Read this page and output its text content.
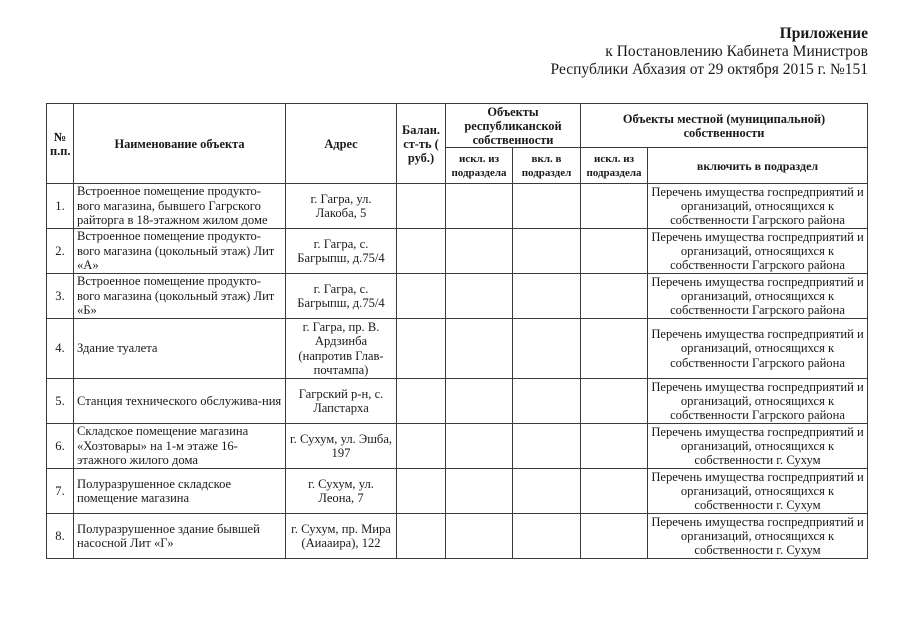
Приложение
к Постановлению Кабинета Министров
Республики Абхазия от 29 октября 2015 г. №151
№ п.п.	Наименование объекта	Адрес	Балан. ст-ть ( руб.)	Объекты республиканской собственности		Объекты местной (муниципальной) собственности	
				искл. из подраздела	вкл. в подраздел	искл. из подраздела	включить в подраздел
1.	Встроенное помещение продукто-вого магазина, бывшего Гагрского райторга в 18-этажном жилом доме	г. Гагра, ул. Лакоба, 5					Перечень имущества госпредприятий и организаций, относящихся к собственности Гагрского района
2.	Встроенное помещение продукто-вого магазина (цокольный этаж) Лит «А»	г. Гагра, с. Багрыпш, д.75/4					Перечень имущества госпредприятий и организаций, относящихся к собственности Гагрского района
3.	Встроенное помещение продукто-вого магазина (цокольный этаж) Лит «Б»	г. Гагра, с. Багрыпш, д.75/4					Перечень имущества госпредприятий и организаций, относящихся к собственности Гагрского района
4.	Здание туалета	г. Гагра, пр. В. Ардзинба (напротив Глав-почтампа)					Перечень имущества госпредприятий и организаций, относящихся к собственности Гагрского района
5.	Станция технического обслужива-ния	Гагрский р-н, с. Лапстарха					Перечень имущества госпредприятий и организаций, относящихся к собственности Гагрского района
6.	Складское помещение магазина «Хозтовары» на 1-м этаже 16-этажного жилого дома	г. Сухум, ул. Эшба, 197					Перечень имущества госпредприятий и организаций, относящихся к собственности г. Сухум
7.	Полуразрушенное складское помещение магазина	г. Сухум, ул. Леона, 7					Перечень имущества госпредприятий и организаций, относящихся к собственности г. Сухум
8.	Полуразрушенное здание бывшей насосной Лит «Г»	г. Сухум, пр. Мира (Аиааира), 122					Перечень имущества госпредприятий и организаций, относящихся к собственности г. Сухум
